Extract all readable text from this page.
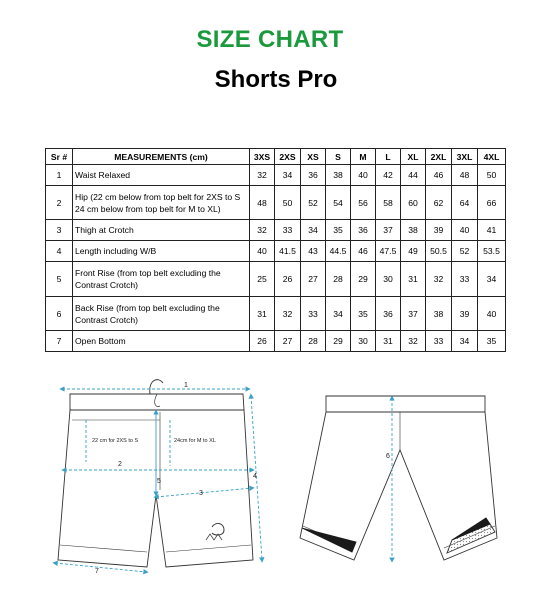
SIZE CHART
Shorts Pro
Sr #	MEASUREMENTS (cm)	3XS	2XS	XS	S	M	L	XL	2XL	3XL	4XL
1	Waist Relaxed	32	34	36	38	40	42	44	46	48	50
2	Hip (22 cm below from top belt for 2XS to S 24 cm below from top belt for M to XL)	48	50	52	54	56	58	60	62	64	66
3	Thigh at Crotch	32	33	34	35	36	37	38	39	40	41
4	Length including W/B	40	41.5	43	44.5	46	47.5	49	50.5	52	53.5
5	Front Rise (from top belt excluding the Contrast Crotch)	25	26	27	28	29	30	31	32	33	34
6	Back Rise (from top belt excluding the Contrast Crotch)	31	32	33	34	35	36	37	38	39	40
7	Open Bottom	26	27	28	29	30	31	32	33	34	35
1
2
3
4
5
6
7
22 cm for 2XS to S	24cm for M to XL
